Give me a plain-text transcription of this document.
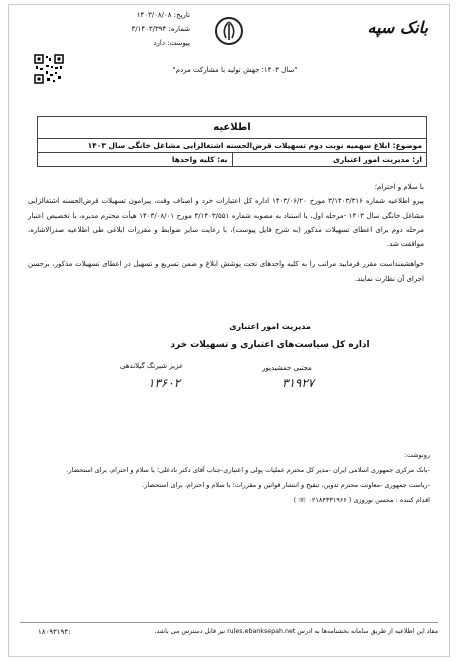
تاریخ: ۱۴۰۳/۰۸/۰۸
شماره: ۳/۱۴۰۳/۳۹۴
پیوست: دارد
بانک سپه
"سال ۱۴۰۳؛ جهش تولید با مشارکت مردم"
اطلاعیه
موضوع: ابلاغ سهمیه نوبت دوم تسهیلات قرض‌الحسنه اشتغالزایی مشاغل خانگی سال ۱۴۰۳
از: مدیریت امور اعتباری
به: کلیه واحدها

با سلام و احترام؛

پیرو اطلاعیه شماره ۳/۱۴۰۳/۳۱۶ مورخ ۱۴۰۳/۰۶/۲۰ اداره کل اعتبارات خرد و اصناف وقت، پیرامون تسهیلات قرض‌الحسنه اشتغالزایی مشاغل خانگی سال ۱۴۰۳ -مرحله اول، با استناد به مصوبه شماره ۴/۱۴۰۳/۵۵۱ مورخ ۱۴۰۳/۰۸/۰۱ هیأت محترم مدیره، با تخصیص اعتبار مرحله دوم برای اعطای تسهیلات مذکور (به شرح فایل پیوست)، با رعایت سایر ضوابط و مقررات ابلاغی طی اطلاعیه صدرالاشاره، موافقت شد.

خواهشمنداست مقرر فرمایید مراتب را به کلیه واحدهای تحت پوشش ابلاغ و ضمن تسریع و تسهیل در اعطای تسهیلات مذکور، برحسن اجرای آن نظارت نمایند.

مدیریت امور اعتباری
اداره کل سیاست‌های اعتباری و تسهیلات خرد
عزیز شیرنگ گیلاندهی	مجتبی جمشیدپور
۱۳۶۰۲	۳۱۹۲۷
رونوشت:
-بانک مرکزی جمهوری اسلامی ایران -مدیر کل محترم عملیات پولی و اعتباری-جناب آقای دکتر نادعلی؛ با سلام و احترام، برای استحضار.
-ریاست جمهوری -معاونت محترم تدوین، تنقیح و انتشار قوانین و مقررات؛ با سلام و احترام، برای استحضار.
اقدام کننده : محسن نوروزی ( ۰۲۱۸۴۳۳۱۹۶۶ ☏ )
۱۸۰۹۳۱۹۴:	مفاد این اطلاعیه از طریق سامانه بخشنامه‌ها به آدرس rules.ebanksepah.net نیز قابل دسترس می باشد.
